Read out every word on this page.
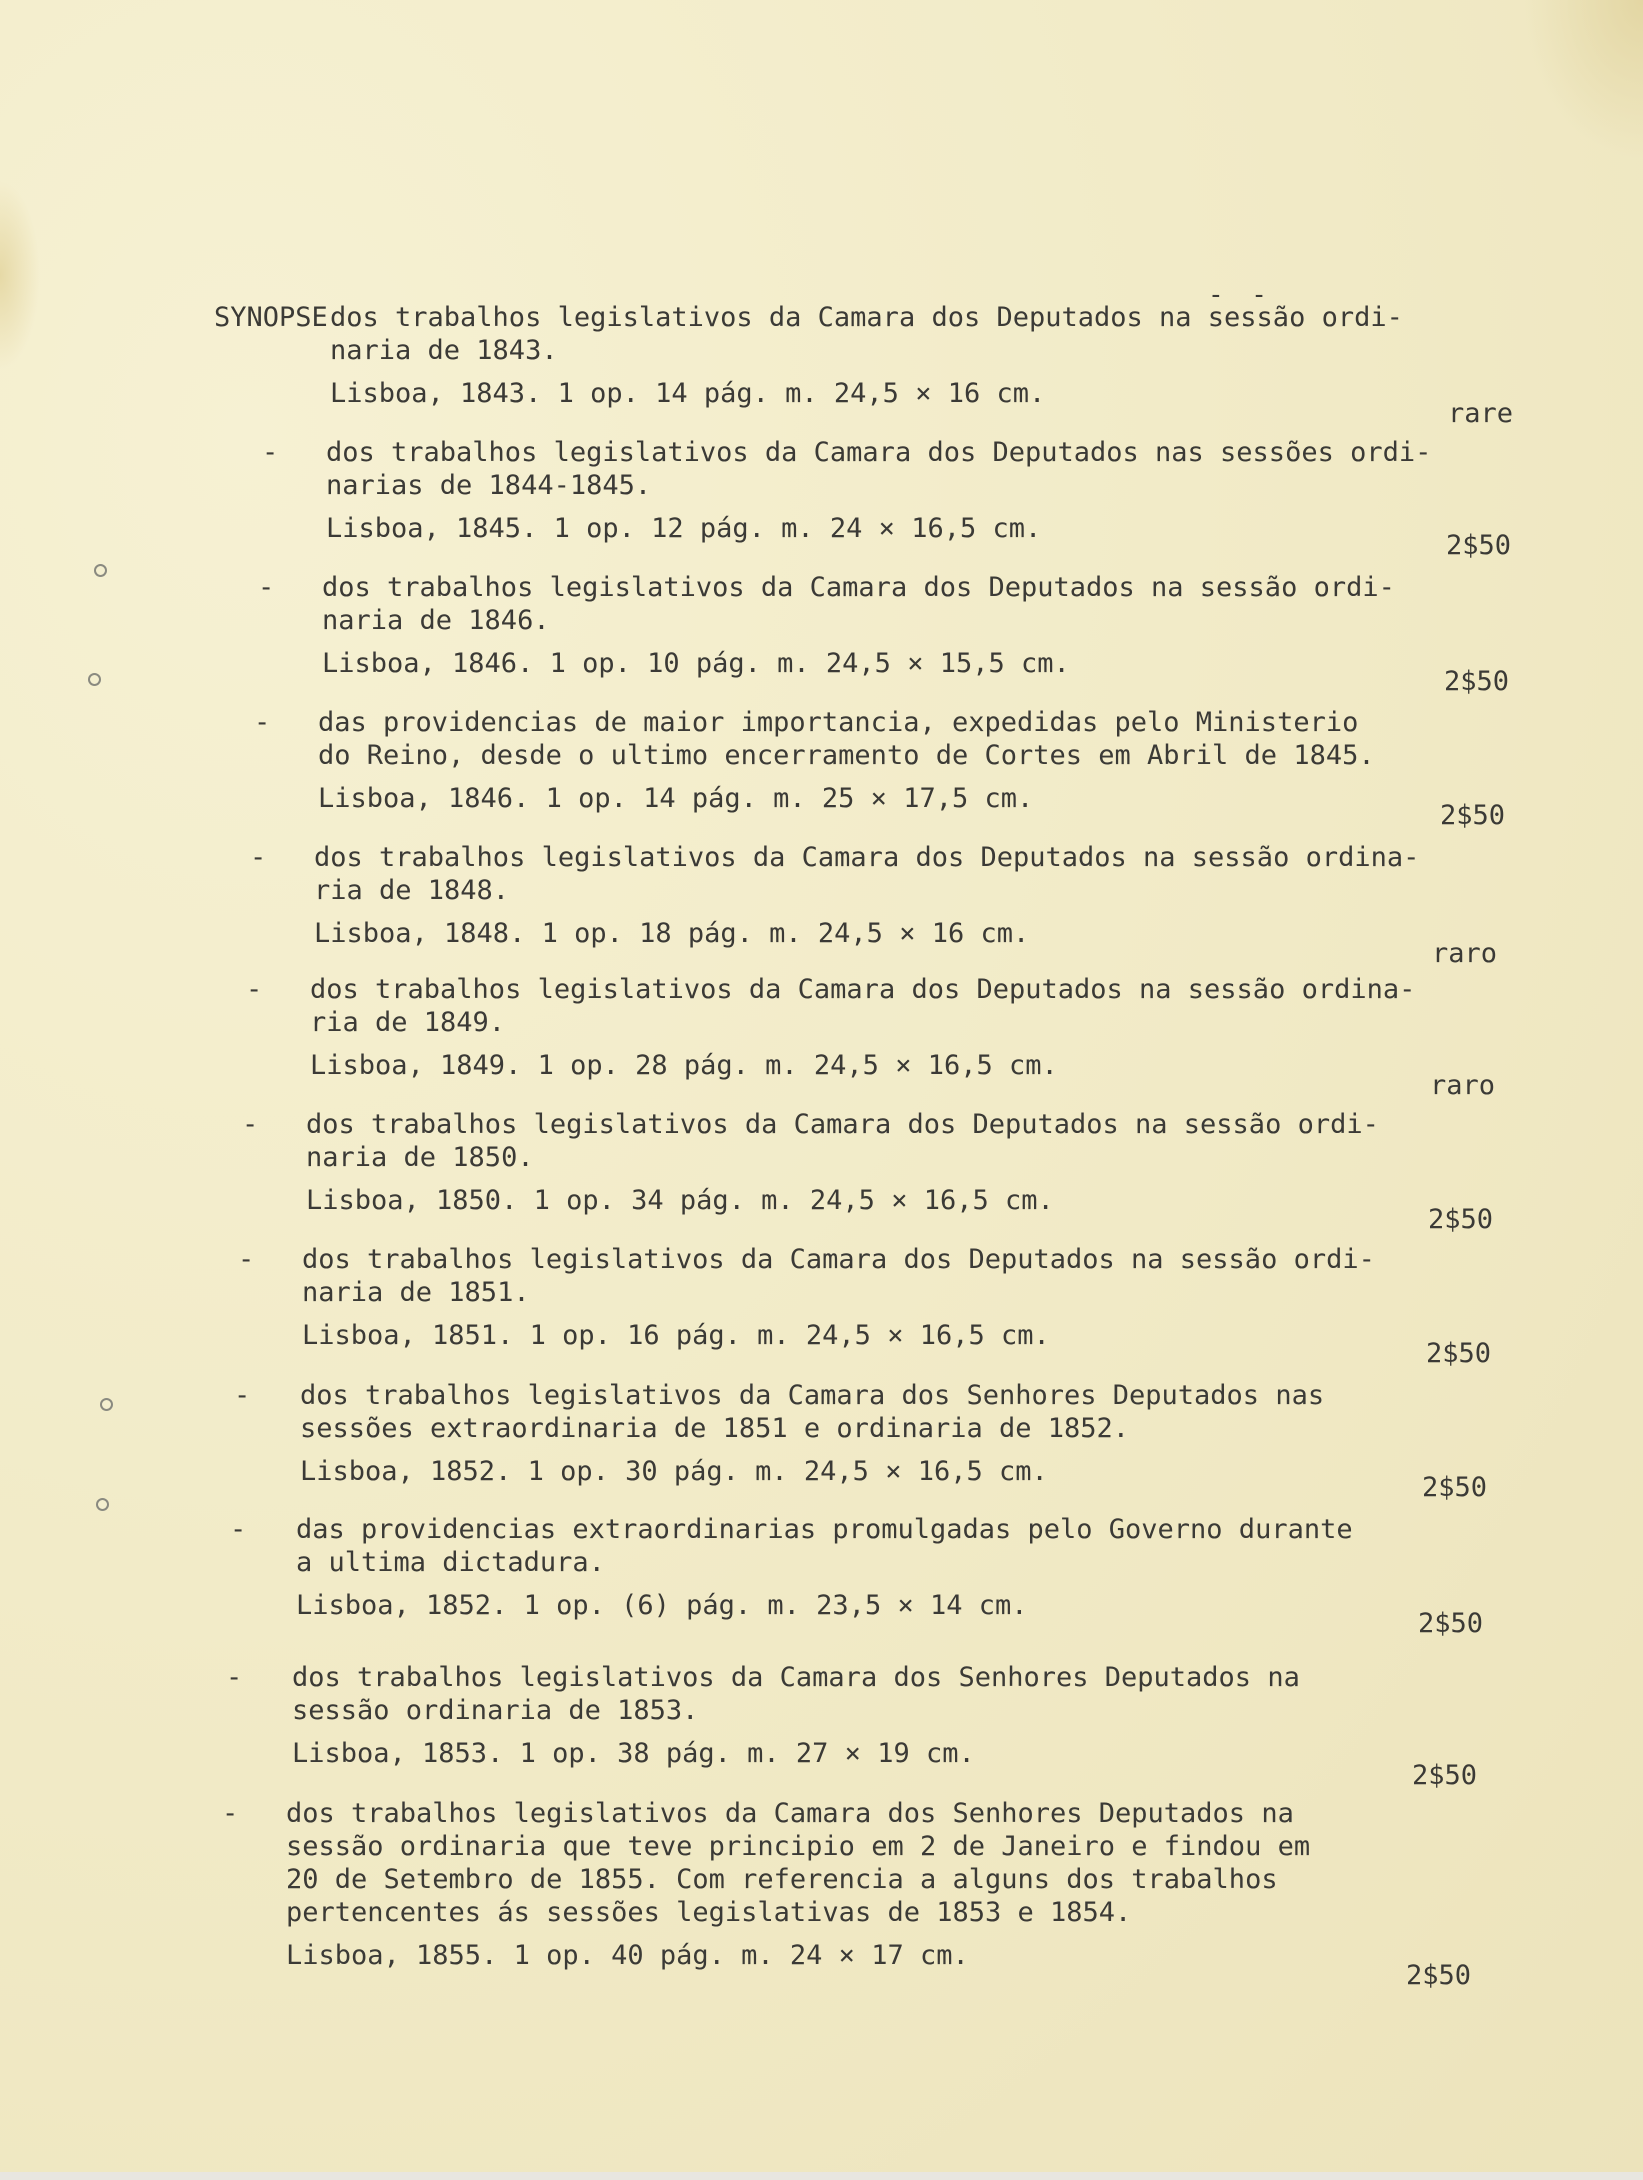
- -
SYNOPSE dos trabalhos legislativos da Camara dos Deputados na sessão ordi-
naria de 1843.
Lisboa, 1843. 1 op. 14 pág. m. 24,5 × 16 cm.
rare
- dos trabalhos legislativos da Camara dos Deputados nas sessões ordi-
narias de 1844-1845.
Lisboa, 1845. 1 op. 12 pág. m. 24 × 16,5 cm.
2$50
- dos trabalhos legislativos da Camara dos Deputados na sessão ordi-
naria de 1846.
Lisboa, 1846. 1 op. 10 pág. m. 24,5 × 15,5 cm.
2$50
- das providencias de maior importancia, expedidas pelo Ministerio
do Reino, desde o ultimo encerramento de Cortes em Abril de 1845.
Lisboa, 1846. 1 op. 14 pág. m. 25 × 17,5 cm.
2$50
- dos trabalhos legislativos da Camara dos Deputados na sessão ordina-
ria de 1848.
Lisboa, 1848. 1 op. 18 pág. m. 24,5 × 16 cm.
raro
- dos trabalhos legislativos da Camara dos Deputados na sessão ordina-
ria de 1849.
Lisboa, 1849. 1 op. 28 pág. m. 24,5 × 16,5 cm.
raro
- dos trabalhos legislativos da Camara dos Deputados na sessão ordi-
naria de 1850.
Lisboa, 1850. 1 op. 34 pág. m. 24,5 × 16,5 cm.
2$50
- dos trabalhos legislativos da Camara dos Deputados na sessão ordi-
naria de 1851.
Lisboa, 1851. 1 op. 16 pág. m. 24,5 × 16,5 cm.
2$50
- dos trabalhos legislativos da Camara dos Senhores Deputados nas
sessões extraordinaria de 1851 e ordinaria de 1852.
Lisboa, 1852. 1 op. 30 pág. m. 24,5 × 16,5 cm.
2$50
- das providencias extraordinarias promulgadas pelo Governo durante
a ultima dictadura.
Lisboa, 1852. 1 op. (6) pág. m. 23,5 × 14 cm.
2$50
- dos trabalhos legislativos da Camara dos Senhores Deputados na
sessão ordinaria de 1853.
Lisboa, 1853. 1 op. 38 pág. m. 27 × 19 cm.
2$50
- dos trabalhos legislativos da Camara dos Senhores Deputados na
sessão ordinaria que teve principio em 2 de Janeiro e findou em
20 de Setembro de 1855. Com referencia a alguns dos trabalhos
pertencentes ás sessões legislativas de 1853 e 1854.
Lisboa, 1855. 1 op. 40 pág. m. 24 × 17 cm.
2$50
